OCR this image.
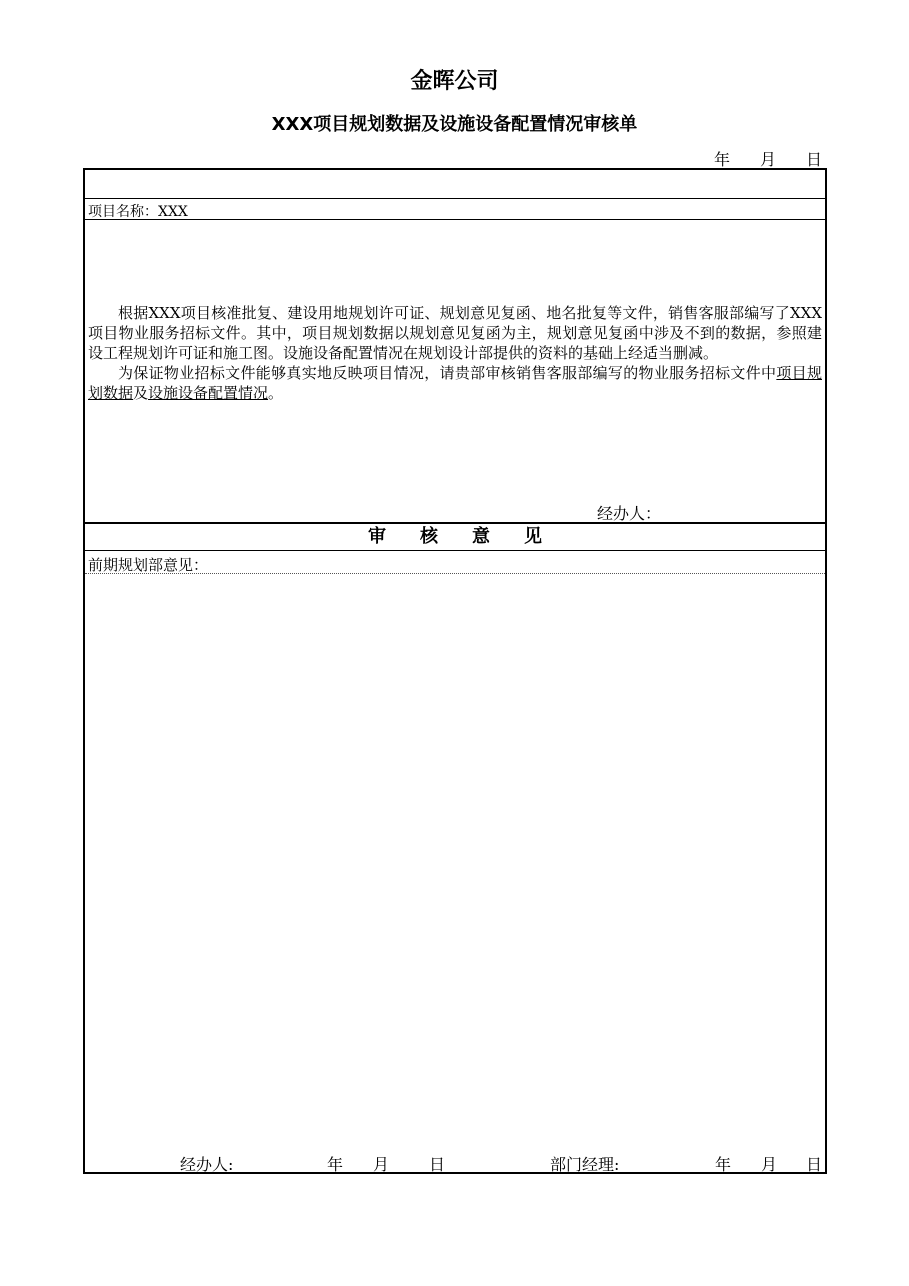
金晖公司
XXX项目规划数据及设施设备配置情况审核单
年 月 日
项目名称：XXX

根据XXX项目核准批复、建设用地规划许可证、规划意见复函、地名批复等文件，销售客服部编写了XXX项目物业服务招标文件。其中，项目规划数据以规划意见复函为主，规划意见复函中涉及不到的数据，参照建设工程规划许可证和施工图。设施设备配置情况在规划设计部提供的资料的基础上经适当删减。

为保证物业招标文件能够真实地反映项目情况，请贵部审核销售客服部编写的物业服务招标文件中项目规划数据及设施设备配置情况。

经办人：
审核意见
前期规划部意见：
经办人:	年 月 日	部门经理:	年 月 日
